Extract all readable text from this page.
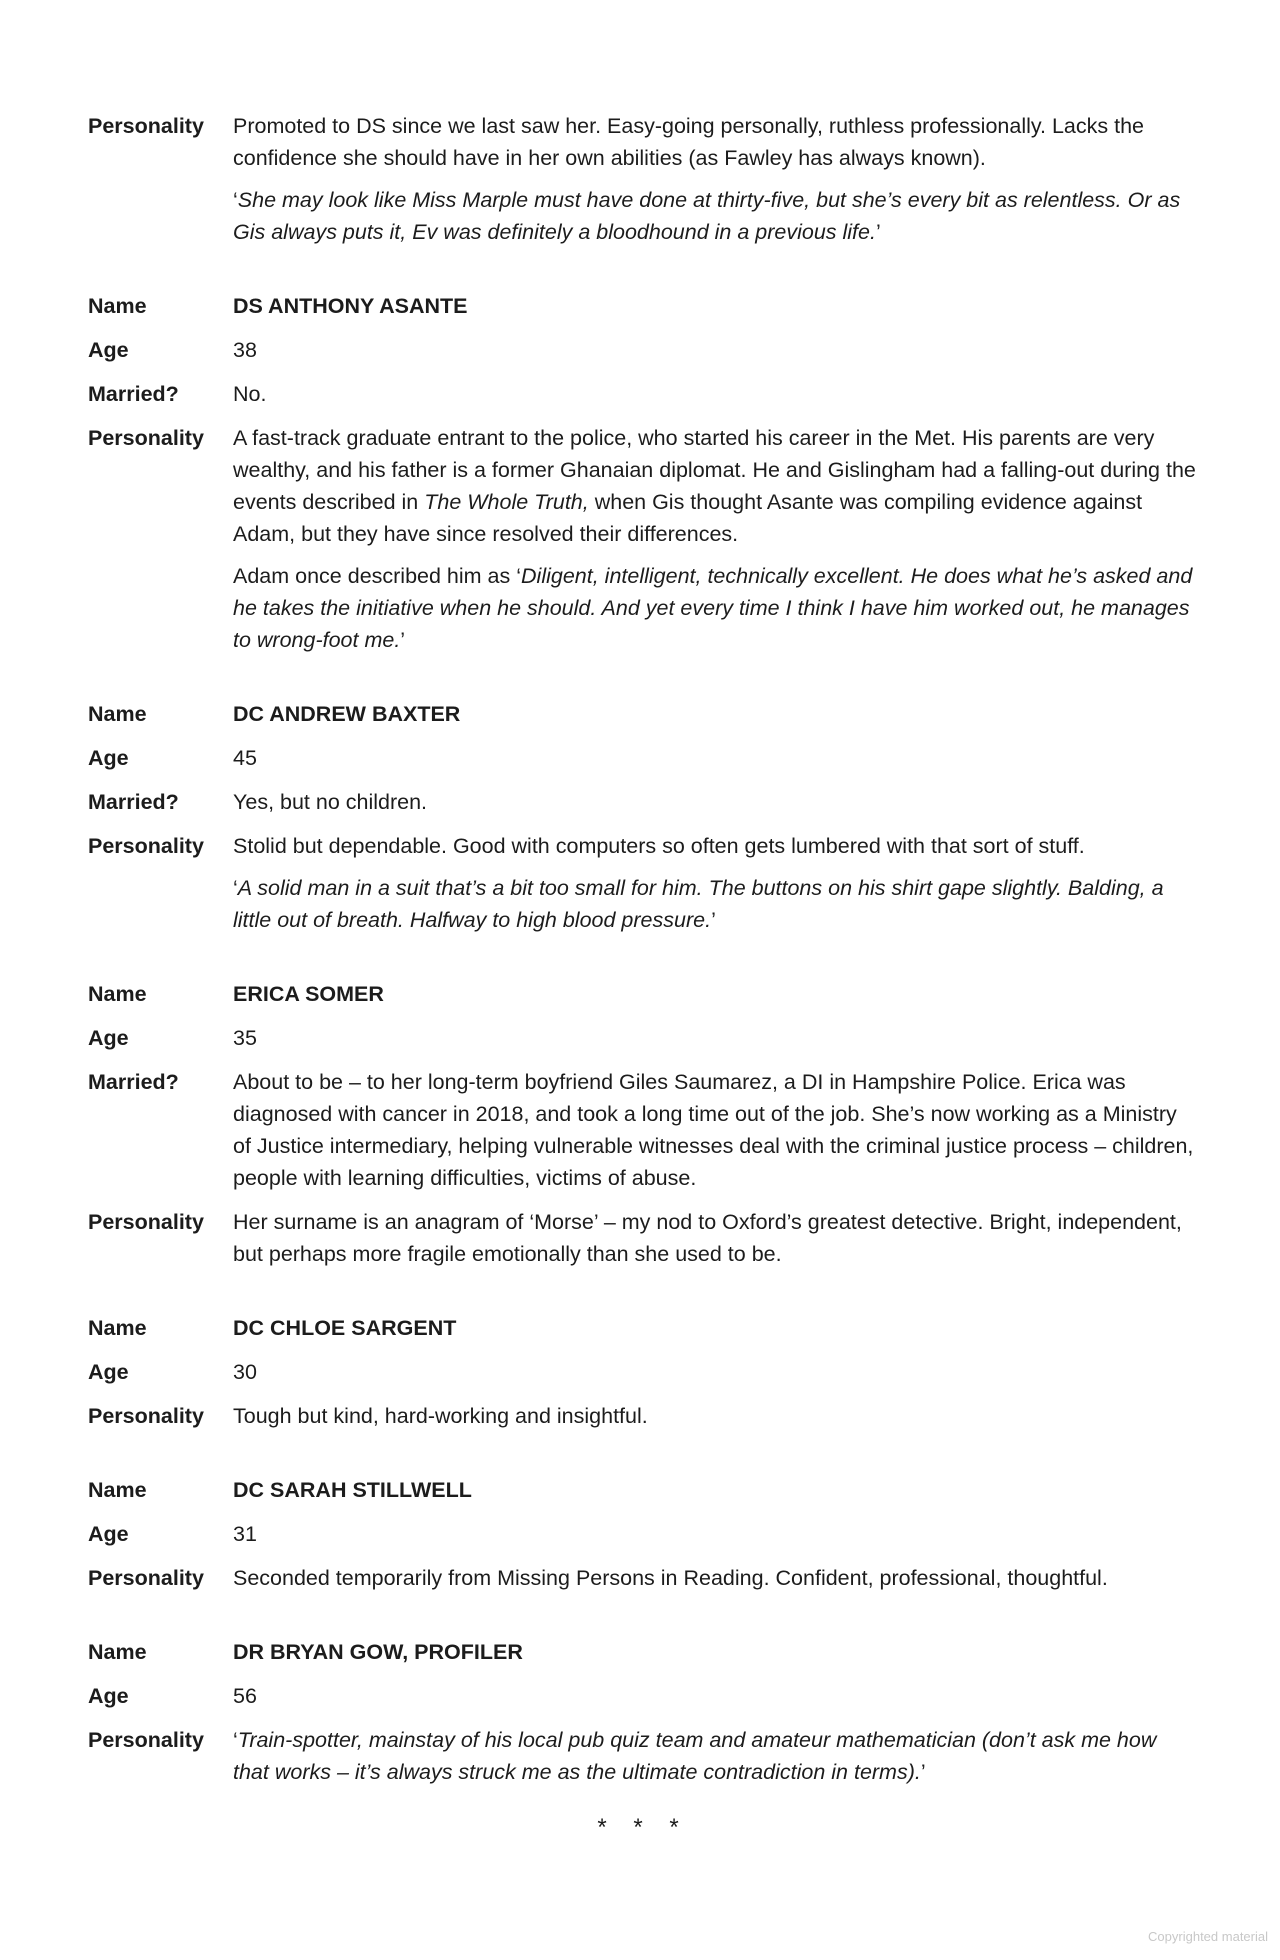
Personality	Promoted to DS since we last saw her. Easy-going personally, ruthless professionally. Lacks the confidence she should have in her own abilities (as Fawley has always known).

‘She may look like Miss Marple must have done at thirty-five, but she’s every bit as relentless. Or as Gis always puts it, Ev was definitely a bloodhound in a previous life.’

Name	DS ANTHONY ASANTE
Age	38
Married?	No.
Personality	A fast-track graduate entrant to the police, who started his career in the Met. His parents are very wealthy, and his father is a former Ghanaian diplomat. He and Gislingham had a falling-out during the events described in The Whole Truth, when Gis thought Asante was compiling evidence against Adam, but they have since resolved their differences.

Adam once described him as ‘Diligent, intelligent, technically excellent. He does what he’s asked and he takes the initiative when he should. And yet every time I think I have him worked out, he manages to wrong-foot me.’

Name	DC ANDREW BAXTER
Age	45
Married?	Yes, but no children.
Personality	Stolid but dependable. Good with computers so often gets lumbered with that sort of stuff.

‘A solid man in a suit that’s a bit too small for him. The buttons on his shirt gape slightly. Balding, a little out of breath. Halfway to high blood pressure.’

Name	ERICA SOMER
Age	35
Married?	About to be – to her long-term boyfriend Giles Saumarez, a DI in Hampshire Police. Erica was diagnosed with cancer in 2018, and took a long time out of the job. She’s now working as a Ministry of Justice intermediary, helping vulnerable witnesses deal with the criminal justice process – children, people with learning difficulties, victims of abuse.
Personality	Her surname is an anagram of ‘Morse’ – my nod to Oxford’s greatest detective. Bright, independent, but perhaps more fragile emotionally than she used to be.
Name	DC CHLOE SARGENT
Age	30
Personality	Tough but kind, hard-working and insightful.
Name	DC SARAH STILLWELL
Age	31
Personality	Seconded temporarily from Missing Persons in Reading. Confident, professional, thoughtful.
Name	DR BRYAN GOW, PROFILER
Age	56
Personality	‘Train-spotter, mainstay of his local pub quiz team and amateur mathematician (don’t ask me how that works – it’s always struck me as the ultimate contradiction in terms).’

* * *
Copyrighted material
